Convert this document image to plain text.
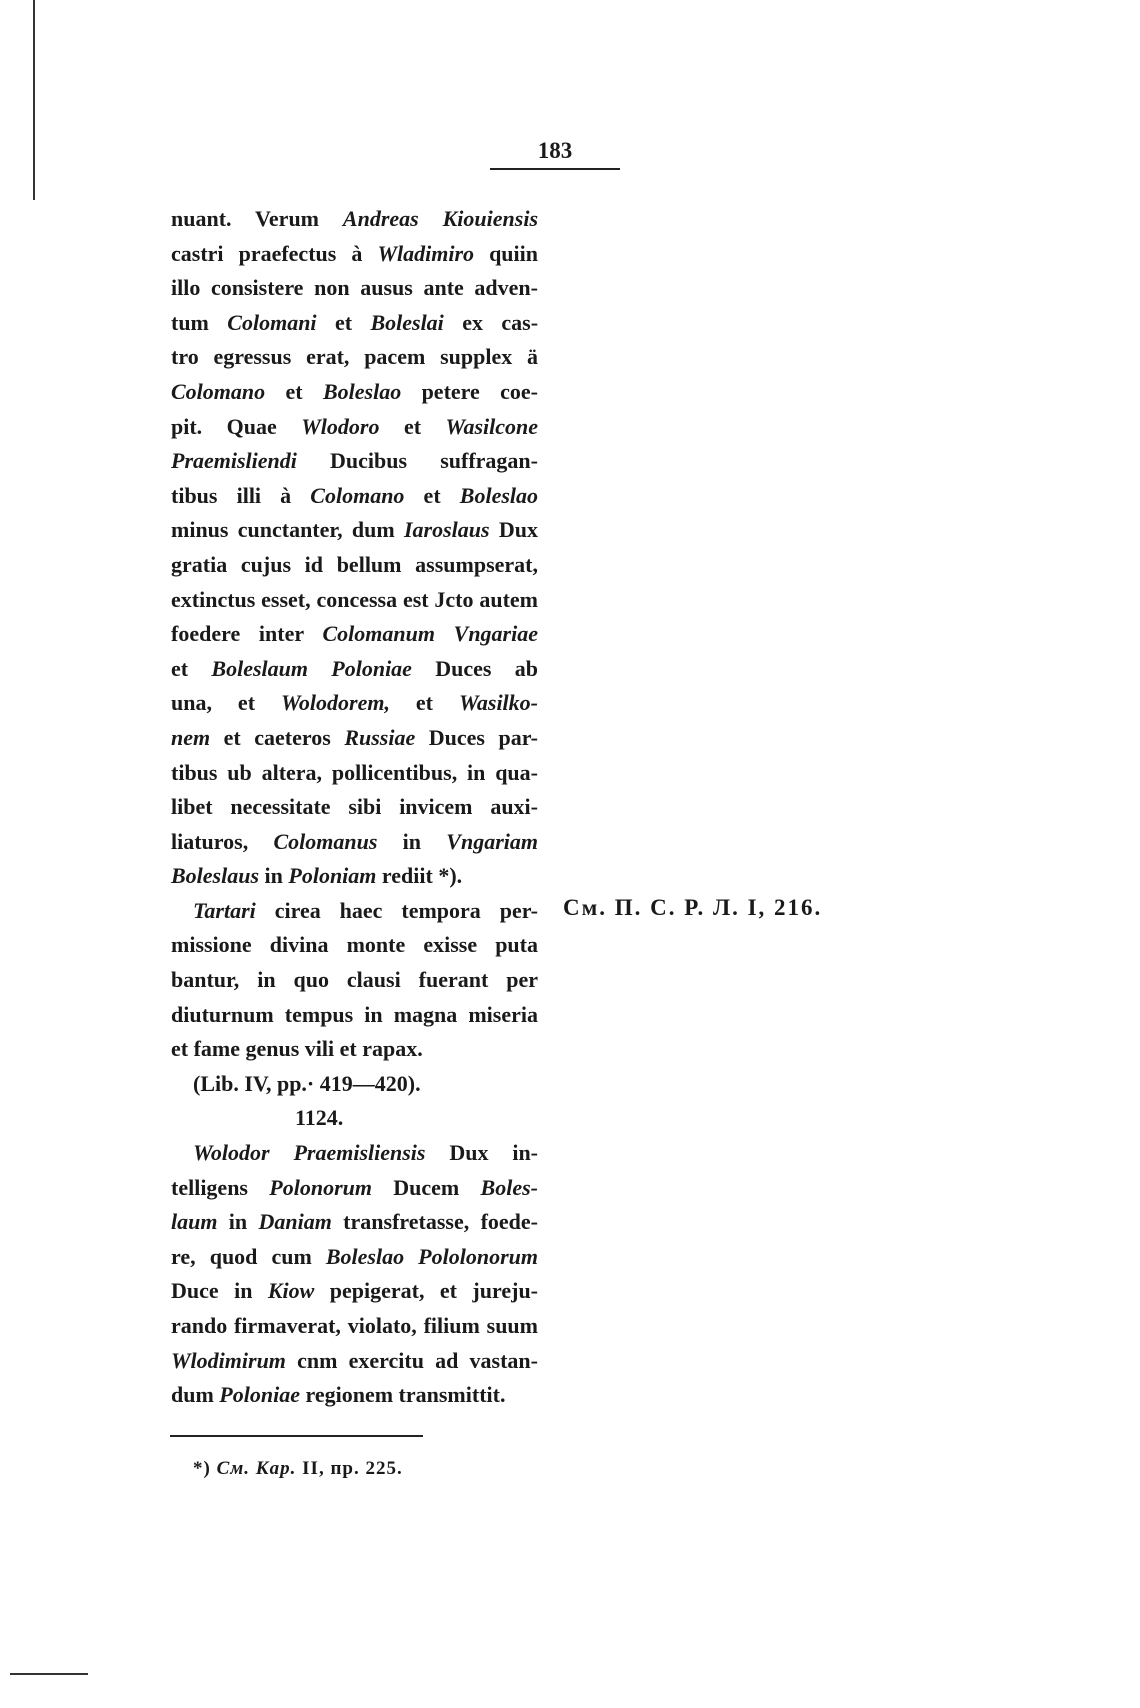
183
nuant. Verum Andreas Kiouiensis
castri praefectus à Wladimiro quiin
illo consistere non ausus ante adven-
tum Colomani et Boleslai ex cas-
tro egressus erat, pacem supplex ä
Colomano et Boleslao petere coe-
pit. Quae Wlodoro et Wasilcone
Praemisliendi Ducibus suffragan-
tibus illi à Colomano et Boleslao
minus cunctanter, dum Iaroslaus Dux
gratia cujus id bellum assumpserat,
extinctus esset, concessa est Jcto autem
foedere inter Colomanum Vngariae
et Boleslaum Poloniae Duces ab
una, et Wolodorem, et Wasilko-
nem et caeteros Russiae Duces par-
tibus ub altera, pollicentibus, in qua-
libet necessitate sibi invicem auxi-
liaturos, Colomanus in Vngariam
Boleslaus in Poloniam rediit *).
Tartari cirea haec tempora per-
missione divina monte exisse puta
bantur, in quo clausi fuerant per
diuturnum tempus in magna miseria
et fame genus vili et rapax.
(Lib. IV, pp.· 419—420).
1124.
Wolodor Praemisliensis Dux in-
telligens Polonorum Ducem Boles-
laum in Daniam transfretasse, foede-
re, quod cum Boleslao Pololonorum
Duce in Kiow pepigerat, et jureju-
rando firmaverat, violato, filium suum
Wlodimirum cnm exercitu ad vastan-
dum Poloniae regionem transmittit.
См. П. С. Р. Л. I, 216.
*) См. Кар. II, пр. 225.
